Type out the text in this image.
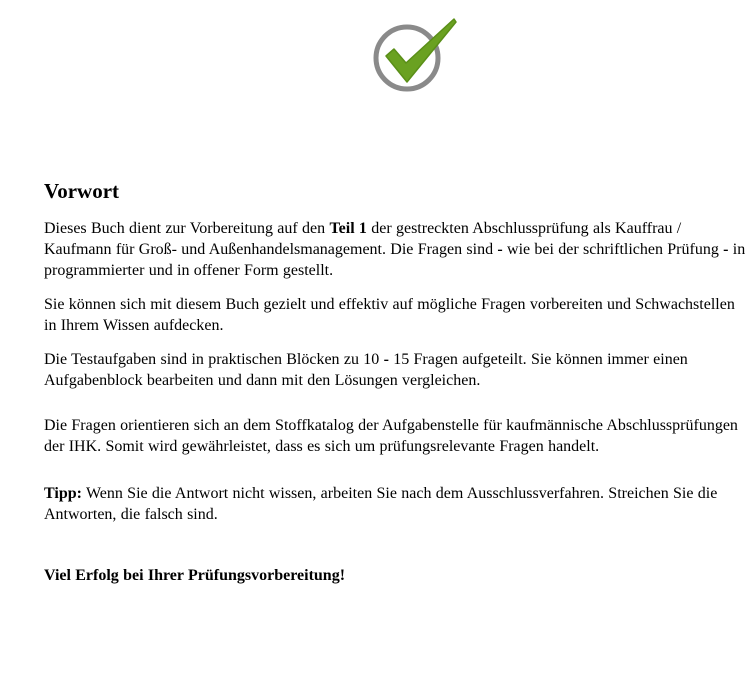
Vorwort

Dieses Buch dient zur Vorbereitung auf den Teil 1 der gestreckten Abschlussprüfung als Kauffrau / Kaufmann für Groß- und Außenhandelsmanagement. Die Fragen sind - wie bei der schriftlichen Prüfung - in programmierter und in offener Form gestellt.

Sie können sich mit diesem Buch gezielt und effektiv auf mögliche Fragen vorbereiten und Schwachstellen in Ihrem Wissen aufdecken.

Die Testaufgaben sind in praktischen Blöcken zu 10 - 15 Fragen aufgeteilt. Sie können immer einen Aufgabenblock bearbeiten und dann mit den Lösungen vergleichen.

Die Fragen orientieren sich an dem Stoffkatalog der Aufgabenstelle für kaufmännische Abschlussprüfungen der IHK. Somit wird gewährleistet, dass es sich um prüfungsrelevante Fragen handelt.

Tipp: Wenn Sie die Antwort nicht wissen, arbeiten Sie nach dem Ausschlussverfahren. Streichen Sie die Antworten, die falsch sind.

Viel Erfolg bei Ihrer Prüfungsvorbereitung!
